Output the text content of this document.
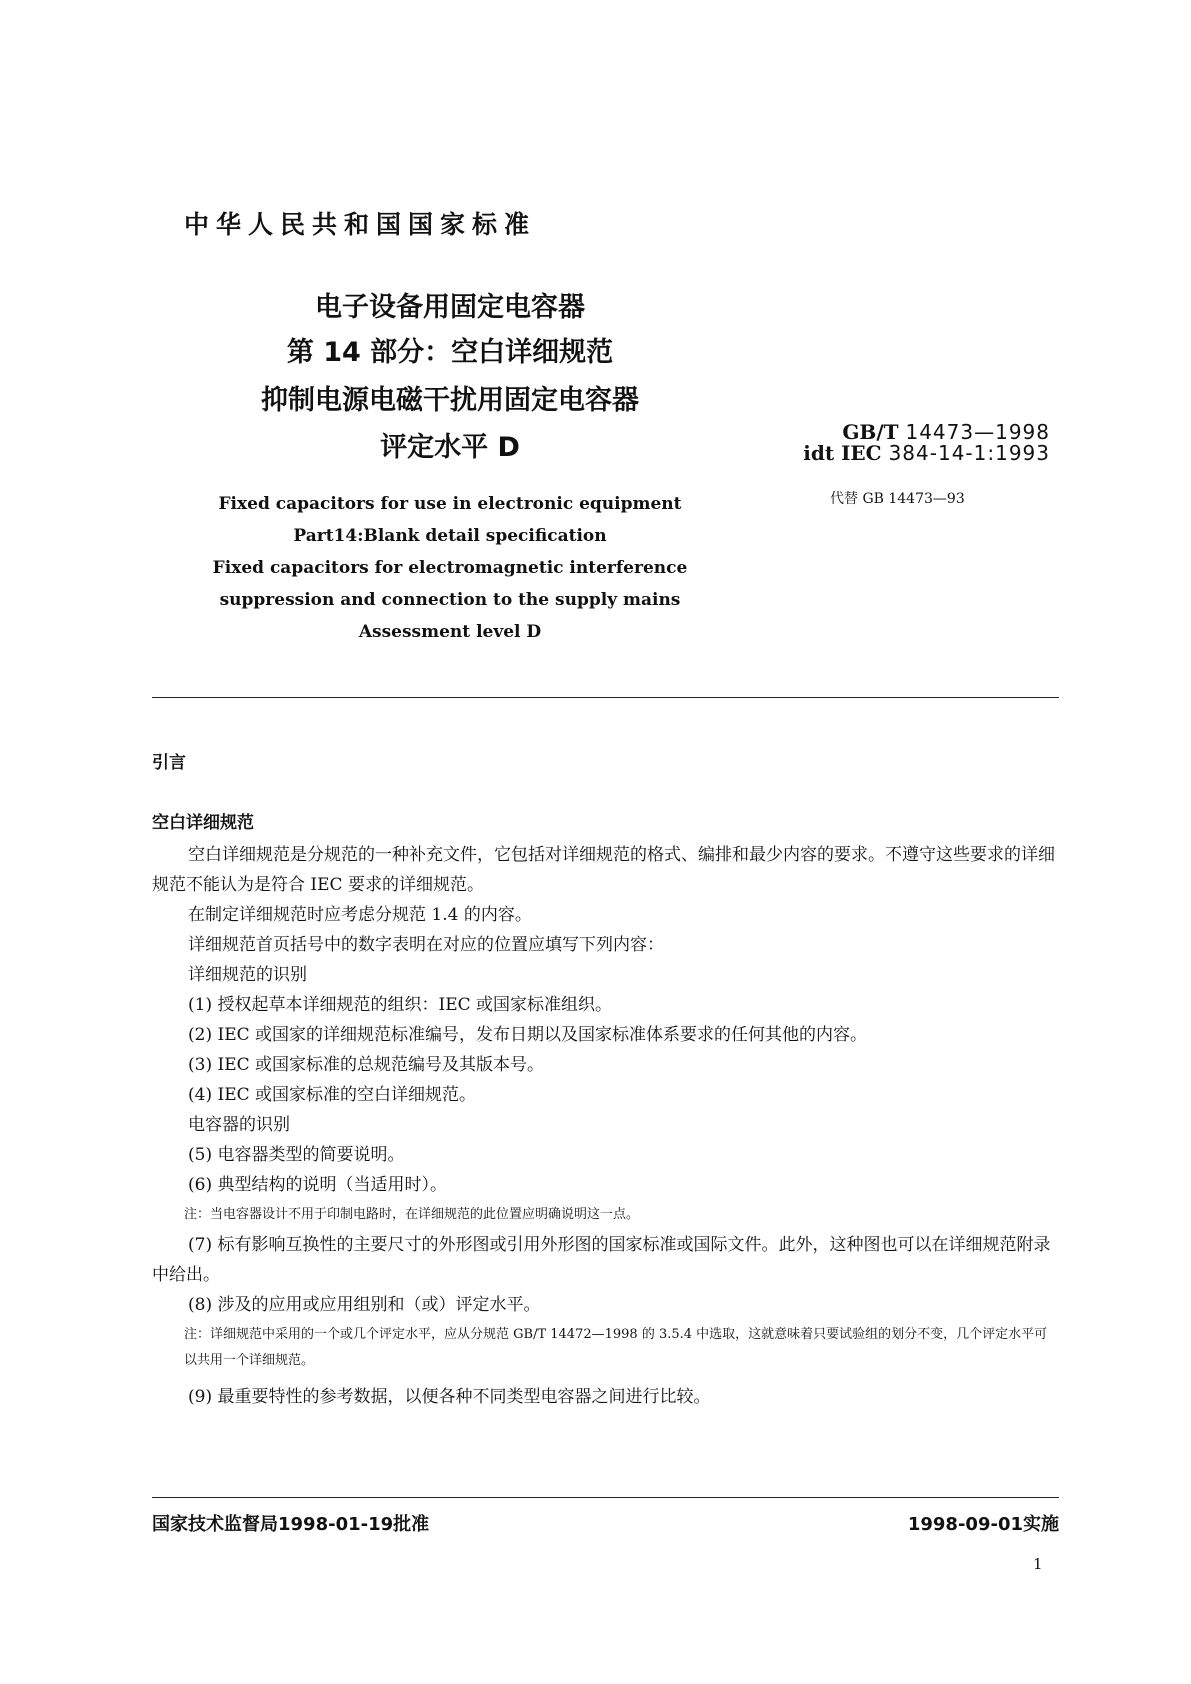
中华人民共和国国家标准
电子设备用固定电容器
第 14 部分：空白详细规范
抑制电源电磁干扰用固定电容器
评定水平 D	GB/T 14473—1998
idt IEC 384-14-1:1993
代替 GB 14473—93
Fixed capacitors for use in electronic equipment
Part14:Blank detail specification
Fixed capacitors for electromagnetic interference
suppression and connection to the supply mains
Assessment level D
引言
空白详细规范
空白详细规范是分规范的一种补充文件，它包括对详细规范的格式、编排和最少内容的要求。不遵守这些要求的详细规范不能认为是符合 IEC 要求的详细规范。
在制定详细规范时应考虑分规范 1.4 的内容。
详细规范首页括号中的数字表明在对应的位置应填写下列内容：
详细规范的识别
(1) 授权起草本详细规范的组织：IEC 或国家标准组织。
(2) IEC 或国家的详细规范标准编号，发布日期以及国家标准体系要求的任何其他的内容。
(3) IEC 或国家标准的总规范编号及其版本号。
(4) IEC 或国家标准的空白详细规范。
电容器的识别
(5) 电容器类型的简要说明。
(6) 典型结构的说明（当适用时）。
注：当电容器设计不用于印制电路时，在详细规范的此位置应明确说明这一点。
(7) 标有影响互换性的主要尺寸的外形图或引用外形图的国家标准或国际文件。此外，这种图也可以在详细规范附录中给出。
(8) 涉及的应用或应用组别和（或）评定水平。
注：详细规范中采用的一个或几个评定水平，应从分规范 GB/T 14472—1998 的 3.5.4 中选取，这就意味着只要试验组的划分不变，几个评定水平可以共用一个详细规范。
(9) 最重要特性的参考数据，以便各种不同类型电容器之间进行比较。
国家技术监督局1998-01-19批准	1998-09-01实施
1
